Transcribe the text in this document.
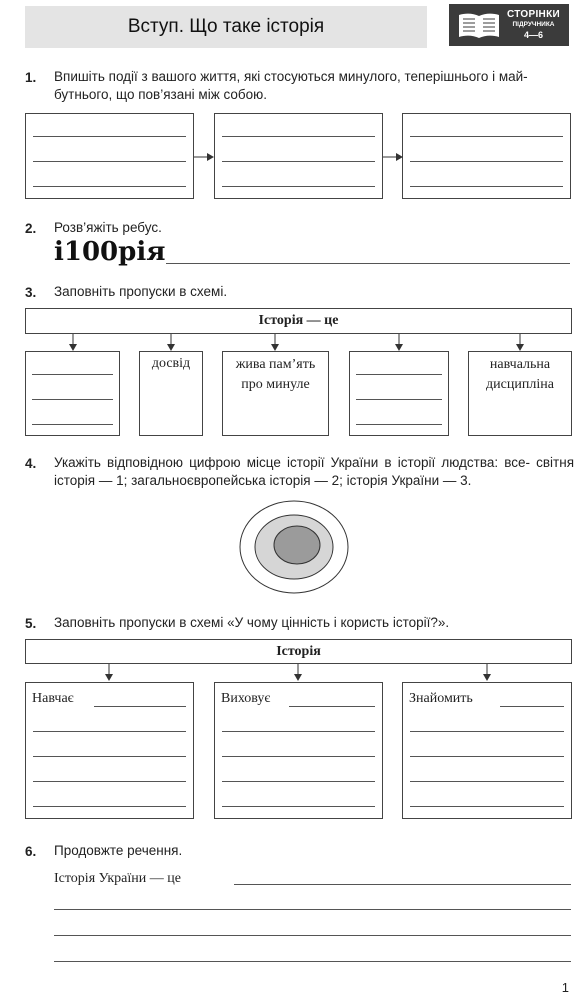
Вступ. Що таке історія
СТОРІНКИ
ПІДРУЧНИКА
4—6
1. Впишіть події з вашого життя, які стосуються минулого, теперішнього і май- бутнього, що пов’язані між собою.
2. Розв’яжіть ребус.
і100рія
3. Заповніть пропуски в схемі.
Історія — це
досвід	жива пам’ять про минуле
навчальна дисципліна
4. Укажіть відповідною цифрою місце історії України в історії людства: все- світня історія — 1; загальноєвропейська історія — 2; історія України — 3.
5. Заповніть пропуски в схемі «У чому цінність і користь історії?».
Історія
Навчає	Виховує	Знайомить
6. Продовжте речення.
Історія України — це
1
